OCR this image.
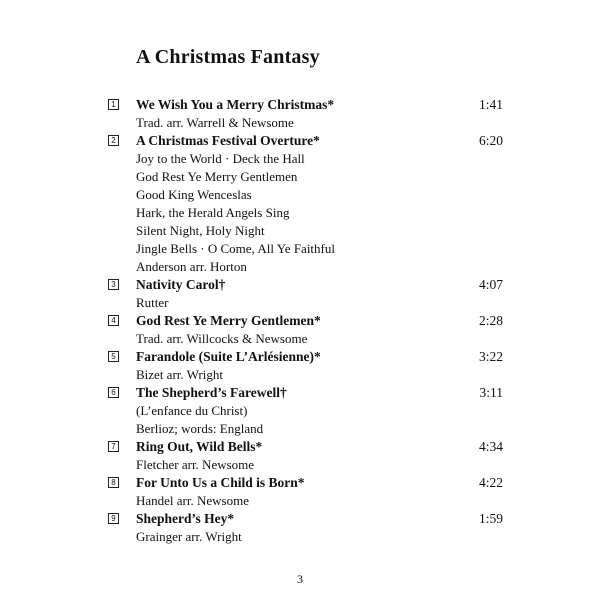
A Christmas Fantasy
1 We Wish You a Merry Christmas*	1:41
Trad. arr. Warrell & Newsome
2 A Christmas Festival Overture*	6:20
Joy to the World · Deck the Hall
God Rest Ye Merry Gentlemen
Good King Wenceslas
Hark, the Herald Angels Sing
Silent Night, Holy Night
Jingle Bells · O Come, All Ye Faithful
Anderson arr. Horton
3 Nativity Carol†	4:07
Rutter
4 God Rest Ye Merry Gentlemen*	2:28
Trad. arr. Willcocks & Newsome
5 Farandole (Suite L’Arlésienne)*	3:22
Bizet arr. Wright
6 The Shepherd’s Farewell†	3:11
(L’enfance du Christ)
Berlioz; words: England
7 Ring Out, Wild Bells*	4:34
Fletcher arr. Newsome
8 For Unto Us a Child is Born*	4:22
Handel arr. Newsome
9 Shepherd’s Hey*	1:59
Grainger arr. Wright
3
